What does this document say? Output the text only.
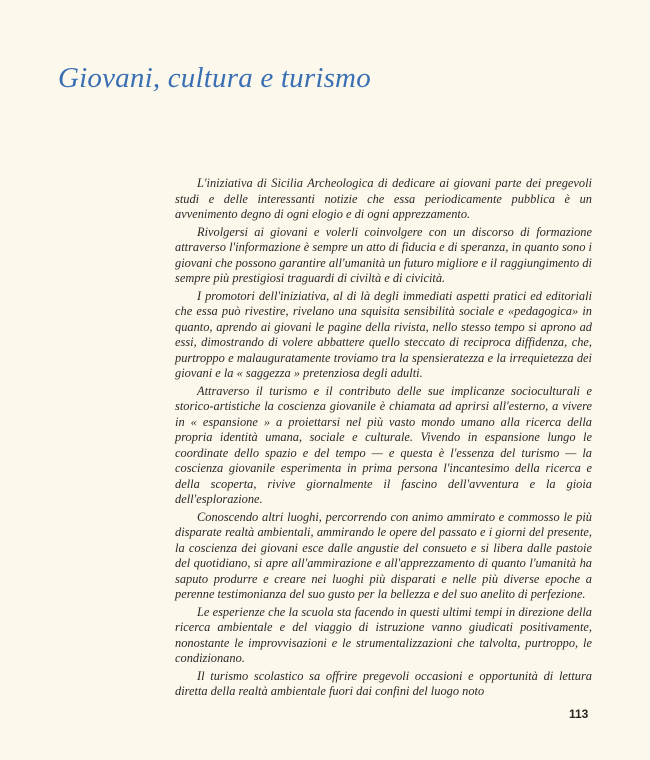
Giovani, cultura e turismo

L'iniziativa di Sicilia Archeologica di dedicare ai giovani parte dei pregevoli studi e delle interessanti notizie che essa periodicamente pubblica è un avvenimento degno di ogni elogio e di ogni apprezzamento.

Rivolgersi ai giovani e volerli coinvolgere con un discorso di formazione attraverso l'informazione è sempre un atto di fiducia e di speranza, in quanto sono i giovani che possono garantire all'umanità un futuro migliore e il raggiungimento di sempre più prestigiosi traguardi di civiltà e di civicità.

I promotori dell'iniziativa, al di là degli immediati aspetti pratici ed editoriali che essa può rivestire, rivelano una squisita sensibilità sociale e «pedagogica» in quanto, aprendo ai giovani le pagine della rivista, nello stesso tempo si aprono ad essi, dimostrando di volere abbattere quello steccato di reciproca diffidenza, che, purtroppo e malauguratamente troviamo tra la spensieratezza e la irrequietezza dei giovani e la « saggezza » pretenziosa degli adulti.

Attraverso il turismo e il contributo delle sue implicanze socioculturali e storico-artistiche la coscienza giovanile è chiamata ad aprirsi all'esterno, a vivere in « espansione » a proiettarsi nel più vasto mondo umano alla ricerca della propria identità umana, sociale e culturale. Vivendo in espansione lungo le coordinate dello spazio e del tempo — e questa è l'essenza del turismo — la coscienza giovanile esperimenta in prima persona l'incantesimo della ricerca e della scoperta, rivive giornalmente il fascino dell'avventura e la gioia dell'esplorazione.

Conoscendo altri luoghi, percorrendo con animo ammirato e commosso le più disparate realtà ambientali, ammirando le opere del passato e i giorni del presente, la coscienza dei giovani esce dalle angustie del consueto e si libera dalle pastoie del quotidiano, si apre all'ammirazione e all'apprezzamento di quanto l'umanità ha saputo produrre e creare nei luoghi più disparati e nelle più diverse epoche a perenne testimonianza del suo gusto per la bellezza e del suo anelito di perfezione.

Le esperienze che la scuola sta facendo in questi ultimi tempi in direzione della ricerca ambientale e del viaggio di istruzione vanno giudicati positivamente, nonostante le improvvisazioni e le strumentalizzazioni che talvolta, purtroppo, le condizionano.

Il turismo scolastico sa offrire pregevoli occasioni e opportunità di lettura diretta della realtà ambientale fuori dai confini del luogo noto

113
